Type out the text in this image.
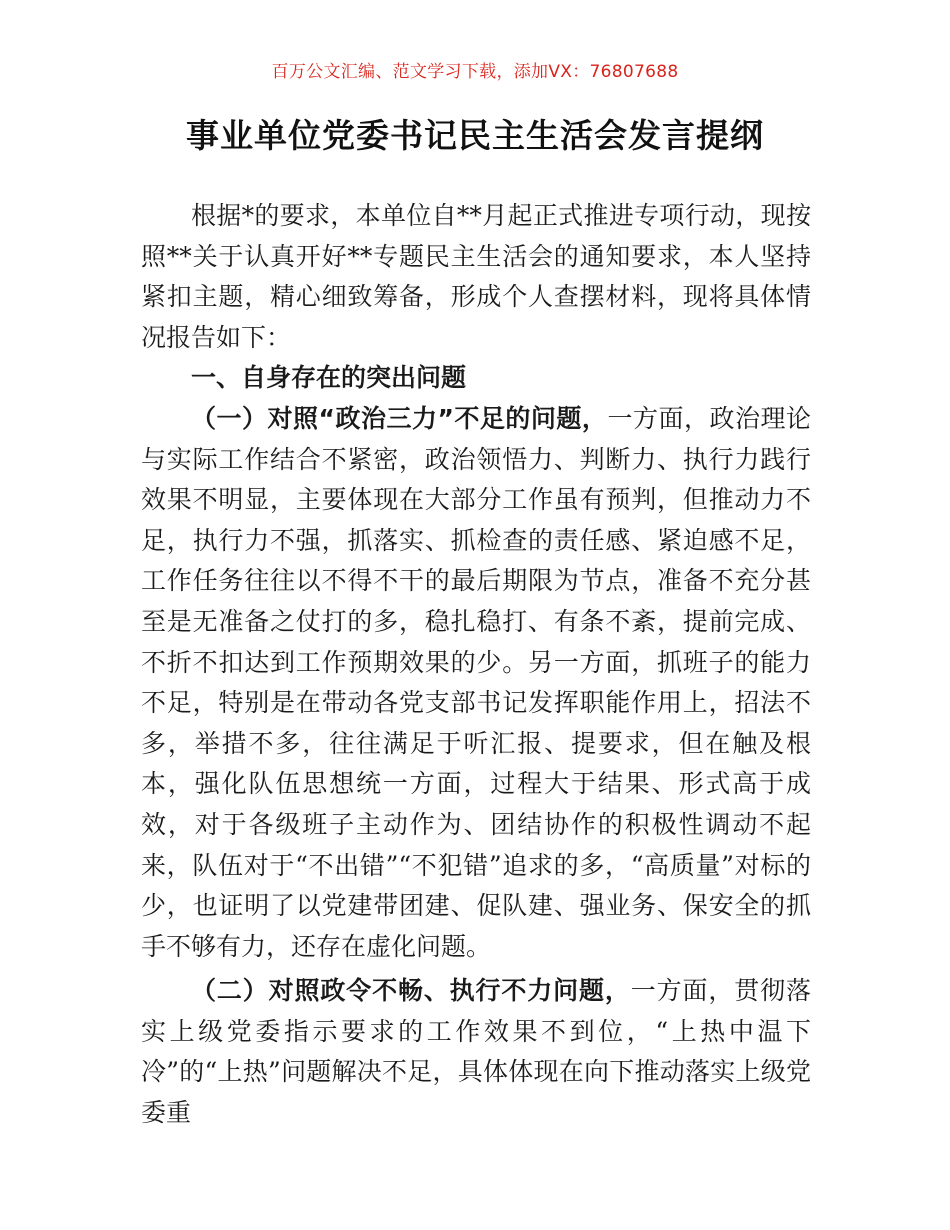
百万公文汇编、范文学习下载，添加VX：76807688
事业单位党委书记民主生活会发言提纲

根据*的要求，本单位自**月起正式推进专项行动，现按照**关于认真开好**专题民主生活会的通知要求，本人坚持紧扣主题，精心细致筹备，形成个人查摆材料，现将具体情况报告如下：

一、自身存在的突出问题

（一）对照“政治三力”不足的问题，一方面，政治理论与实际工作结合不紧密，政治领悟力、判断力、执行力践行效果不明显，主要体现在大部分工作虽有预判，但推动力不足，执行力不强，抓落实、抓检查的责任感、紧迫感不足，工作任务往往以不得不干的最后期限为节点，准备不充分甚至是无准备之仗打的多，稳扎稳打、有条不紊，提前完成、不折不扣达到工作预期效果的少。另一方面，抓班子的能力不足，特别是在带动各党支部书记发挥职能作用上，招法不多，举措不多，往往满足于听汇报、提要求，但在触及根本，强化队伍思想统一方面，过程大于结果、形式高于成效，对于各级班子主动作为、团结协作的积极性调动不起来，队伍对于“不出错”“不犯错”追求的多，“高质量”对标的少，也证明了以党建带团建、促队建、强业务、保安全的抓手不够有力，还存在虚化问题。

（二）对照政令不畅、执行不力问题，一方面，贯彻落实上级党委指示要求的工作效果不到位，“上热中温下冷”的“上热”问题解决不足，具体体现在向下推动落实上级党委重
